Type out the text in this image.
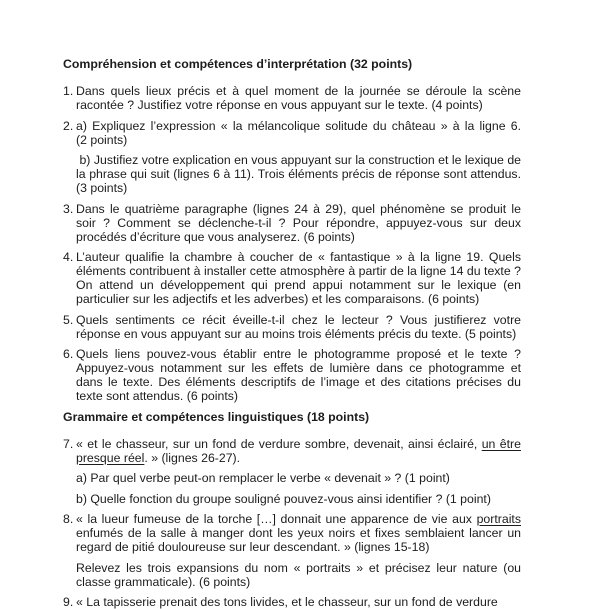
Compréhension et compétences d’interprétation (32 points)
1. Dans quels lieux précis et à quel moment de la journée se déroule la scène racontée ? Justifiez votre réponse en vous appuyant sur le texte. (4 points)

2. a) Expliquez l’expression « la mélancolique solitude du château » à la ligne 6. (2 points)

b) Justifiez votre explication en vous appuyant sur la construction et le lexique de la phrase qui suit (lignes 6 à 11). Trois éléments précis de réponse sont attendus. (3 points)

3. Dans le quatrième paragraphe (lignes 24 à 29), quel phénomène se produit le soir ? Comment se déclenche-t-il ? Pour répondre, appuyez-vous sur deux procédés d’écriture que vous analyserez. (6 points)

4. L’auteur qualifie la chambre à coucher de « fantastique » à la ligne 19. Quels éléments contribuent à installer cette atmosphère à partir de la ligne 14 du texte ? On attend un développement qui prend appui notamment sur le lexique (en particulier sur les adjectifs et les adverbes) et les comparaisons. (6 points)

5. Quels sentiments ce récit éveille-t-il chez le lecteur ? Vous justifierez votre réponse en vous appuyant sur au moins trois éléments précis du texte. (5 points)

6. Quels liens pouvez-vous établir entre le photogramme proposé et le texte ? Appuyez-vous notamment sur les effets de lumière dans ce photogramme et dans le texte. Des éléments descriptifs de l’image et des citations précises du texte sont attendus. (6 points)

Grammaire et compétences linguistiques (18 points)
7. « et le chasseur, sur un fond de verdure sombre, devenait, ainsi éclairé, un être presque réel. » (lignes 26-27).

a) Par quel verbe peut-on remplacer le verbe « devenait » ? (1 point)

b) Quelle fonction du groupe souligné pouvez-vous ainsi identifier ? (1 point)

8. « la lueur fumeuse de la torche […] donnait une apparence de vie aux portraits enfumés de la salle à manger dont les yeux noirs et fixes semblaient lancer un regard de pitié douloureuse sur leur descendant. » (lignes 15-18)

Relevez les trois expansions du nom « portraits » et précisez leur nature (ou classe grammaticale). (6 points)

9. « La tapisserie prenait des tons livides, et le chasseur, sur un fond de verdure
